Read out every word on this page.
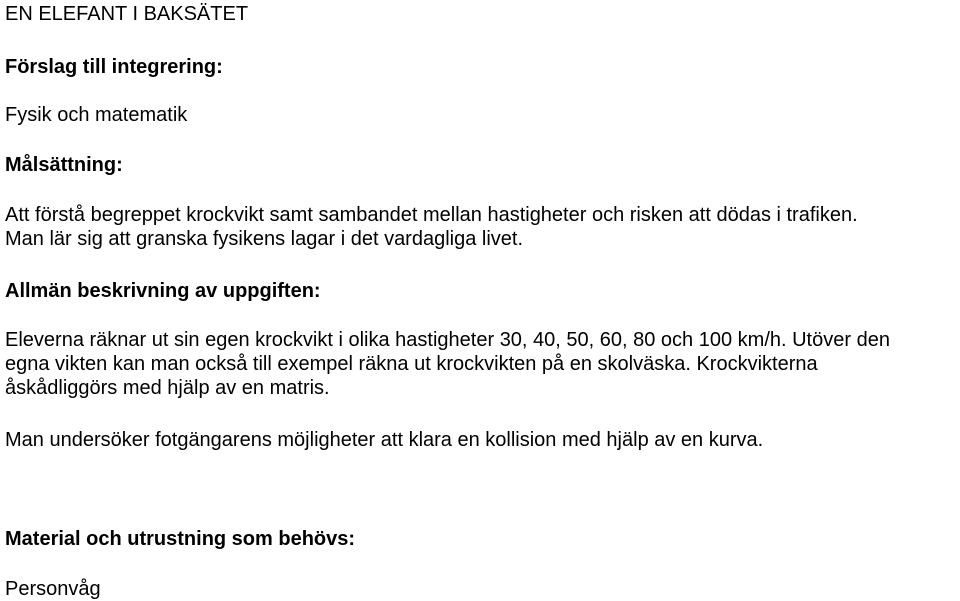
EN ELEFANT I BAKSÄTET
Förslag till integrering:
Fysik och matematik
Målsättning:
Att förstå begreppet krockvikt samt sambandet mellan hastigheter och risken att dödas i trafiken.
Man lär sig att granska fysikens lagar i det vardagliga livet.
Allmän beskrivning av uppgiften:
Eleverna räknar ut sin egen krockvikt i olika hastigheter 30, 40, 50, 60, 80 och 100 km/h. Utöver den
egna vikten kan man också till exempel räkna ut krockvikten på en skolväska. Krockvikterna
åskådliggörs med hjälp av en matris.
Man undersöker fotgängarens möjligheter att klara en kollision med hjälp av en kurva.
Material och utrustning som behövs:
Personvåg
